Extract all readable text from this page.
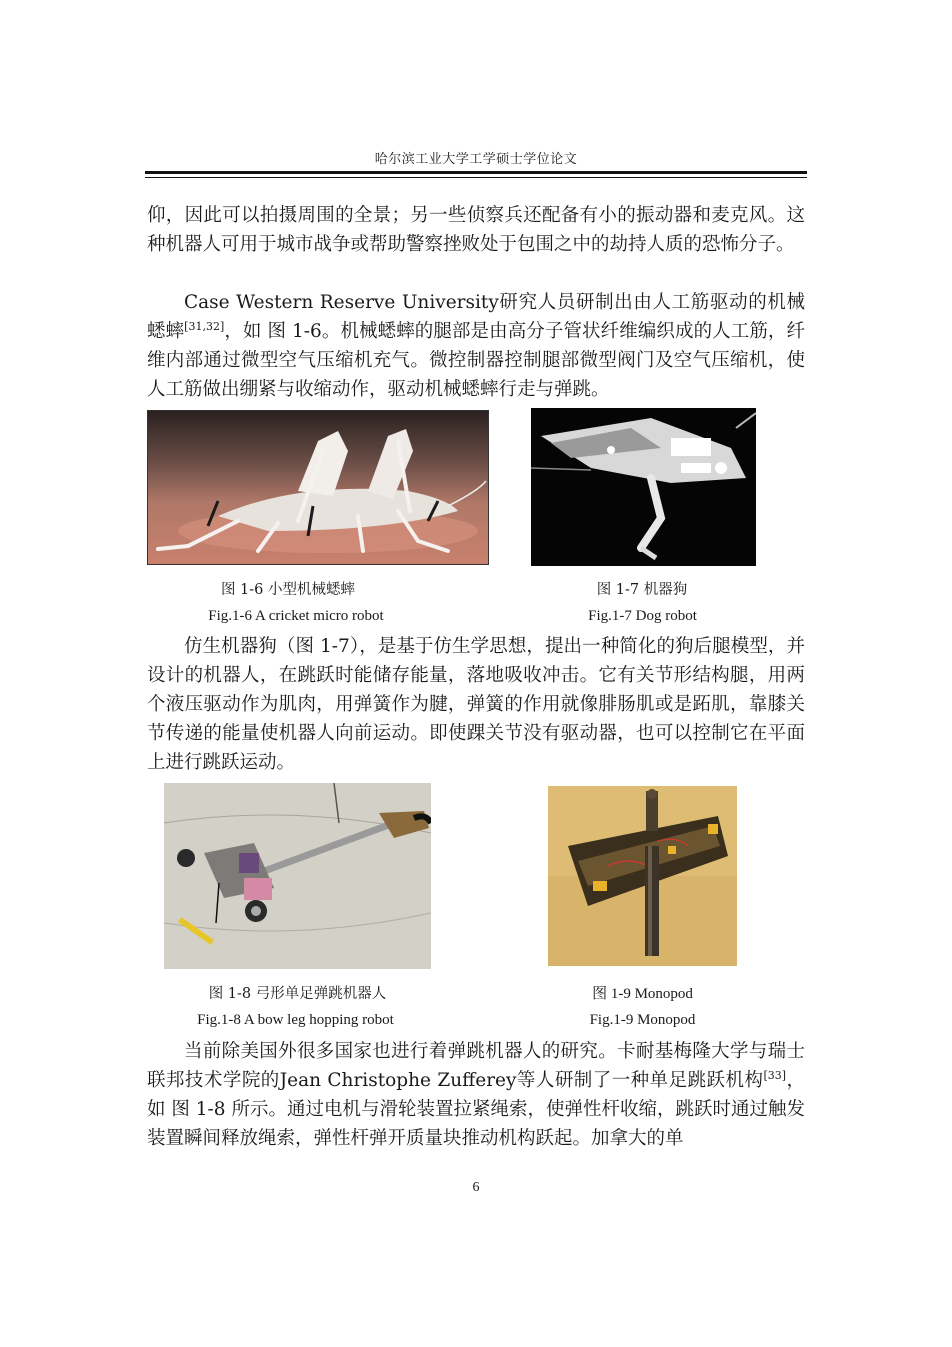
哈尔滨工业大学工学硕士学位论文

仰，因此可以拍摄周围的全景；另一些侦察兵还配备有小的振动器和麦克风。这种机器人可用于城市战争或帮助警察挫败处于包围之中的劫持人质的恐怖分子。

Case Western Reserve University研究人员研制出由人工筋驱动的机械蟋蟀[31,32]，如 图 1-6。机械蟋蟀的腿部是由高分子管状纤维编织成的人工筋，纤维内部通过微型空气压缩机充气。微控制器控制腿部微型阀门及空气压缩机，使人工筋做出绷紧与收缩动作，驱动机械蟋蟀行走与弹跳。

图 1-6 小型机械蟋蟀	图 1-7 机器狗
Fig.1-6 A cricket micro robot	Fig.1-7 Dog robot

仿生机器狗（图 1-7），是基于仿生学思想，提出一种简化的狗后腿模型，并设计的机器人，在跳跃时能储存能量，落地吸收冲击。它有关节形结构腿，用两个液压驱动作为肌肉，用弹簧作为腱，弹簧的作用就像腓肠肌或是跖肌，靠膝关节传递的能量使机器人向前运动。即使踝关节没有驱动器，也可以控制它在平面上进行跳跃运动。

图 1-8 弓形单足弹跳机器人	图 1-9 Monopod
Fig.1-8 A bow leg hopping robot	Fig.1-9 Monopod

当前除美国外很多国家也进行着弹跳机器人的研究。卡耐基梅隆大学与瑞士联邦技术学院的Jean Christophe Zufferey等人研制了一种单足跳跃机构[33]，如 图 1-8 所示。通过电机与滑轮装置拉紧绳索，使弹性杆收缩，跳跃时通过触发装置瞬间释放绳索，弹性杆弹开质量块推动机构跃起。加拿大的单

6
